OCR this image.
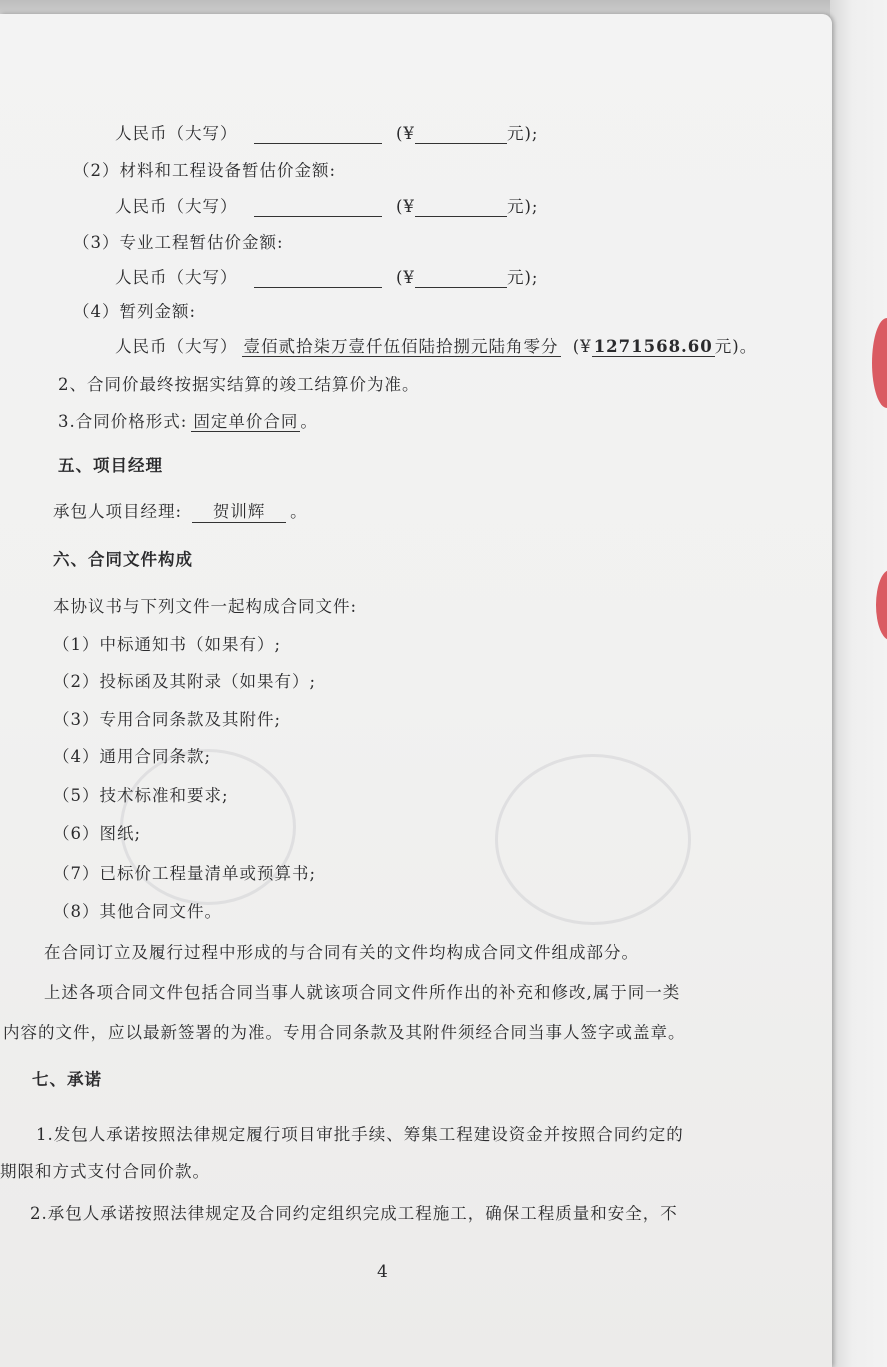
人民币（大写）	(¥	元);
（2）材料和工程设备暂估价金额:
人民币（大写）	(¥	元);
（3）专业工程暂估价金额:
人民币（大写）	(¥	元);
（4）暂列金额:
人民币（大写） 壹佰贰拾柒万壹仟伍佰陆拾捌元陆角零分 (¥ 1271568.60 元)。
2、合同价最终按据实结算的竣工结算价为准。
3.合同价格形式: 固定单价合同 。
五、项目经理
承包人项目经理: 贺训辉 。
六、合同文件构成
本协议书与下列文件一起构成合同文件:
（1）中标通知书（如果有）;
（2）投标函及其附录（如果有）;
（3）专用合同条款及其附件;
（4）通用合同条款;
（5）技术标准和要求;
（6）图纸;
（7）已标价工程量清单或预算书;
（8）其他合同文件。
在合同订立及履行过程中形成的与合同有关的文件均构成合同文件组成部分。
上述各项合同文件包括合同当事人就该项合同文件所作出的补充和修改,属于同一类
内容的文件，应以最新签署的为准。专用合同条款及其附件须经合同当事人签字或盖章。
七、承诺
1.发包人承诺按照法律规定履行项目审批手续、筹集工程建设资金并按照合同约定的
期限和方式支付合同价款。
2.承包人承诺按照法律规定及合同约定组织完成工程施工，确保工程质量和安全，不
4
